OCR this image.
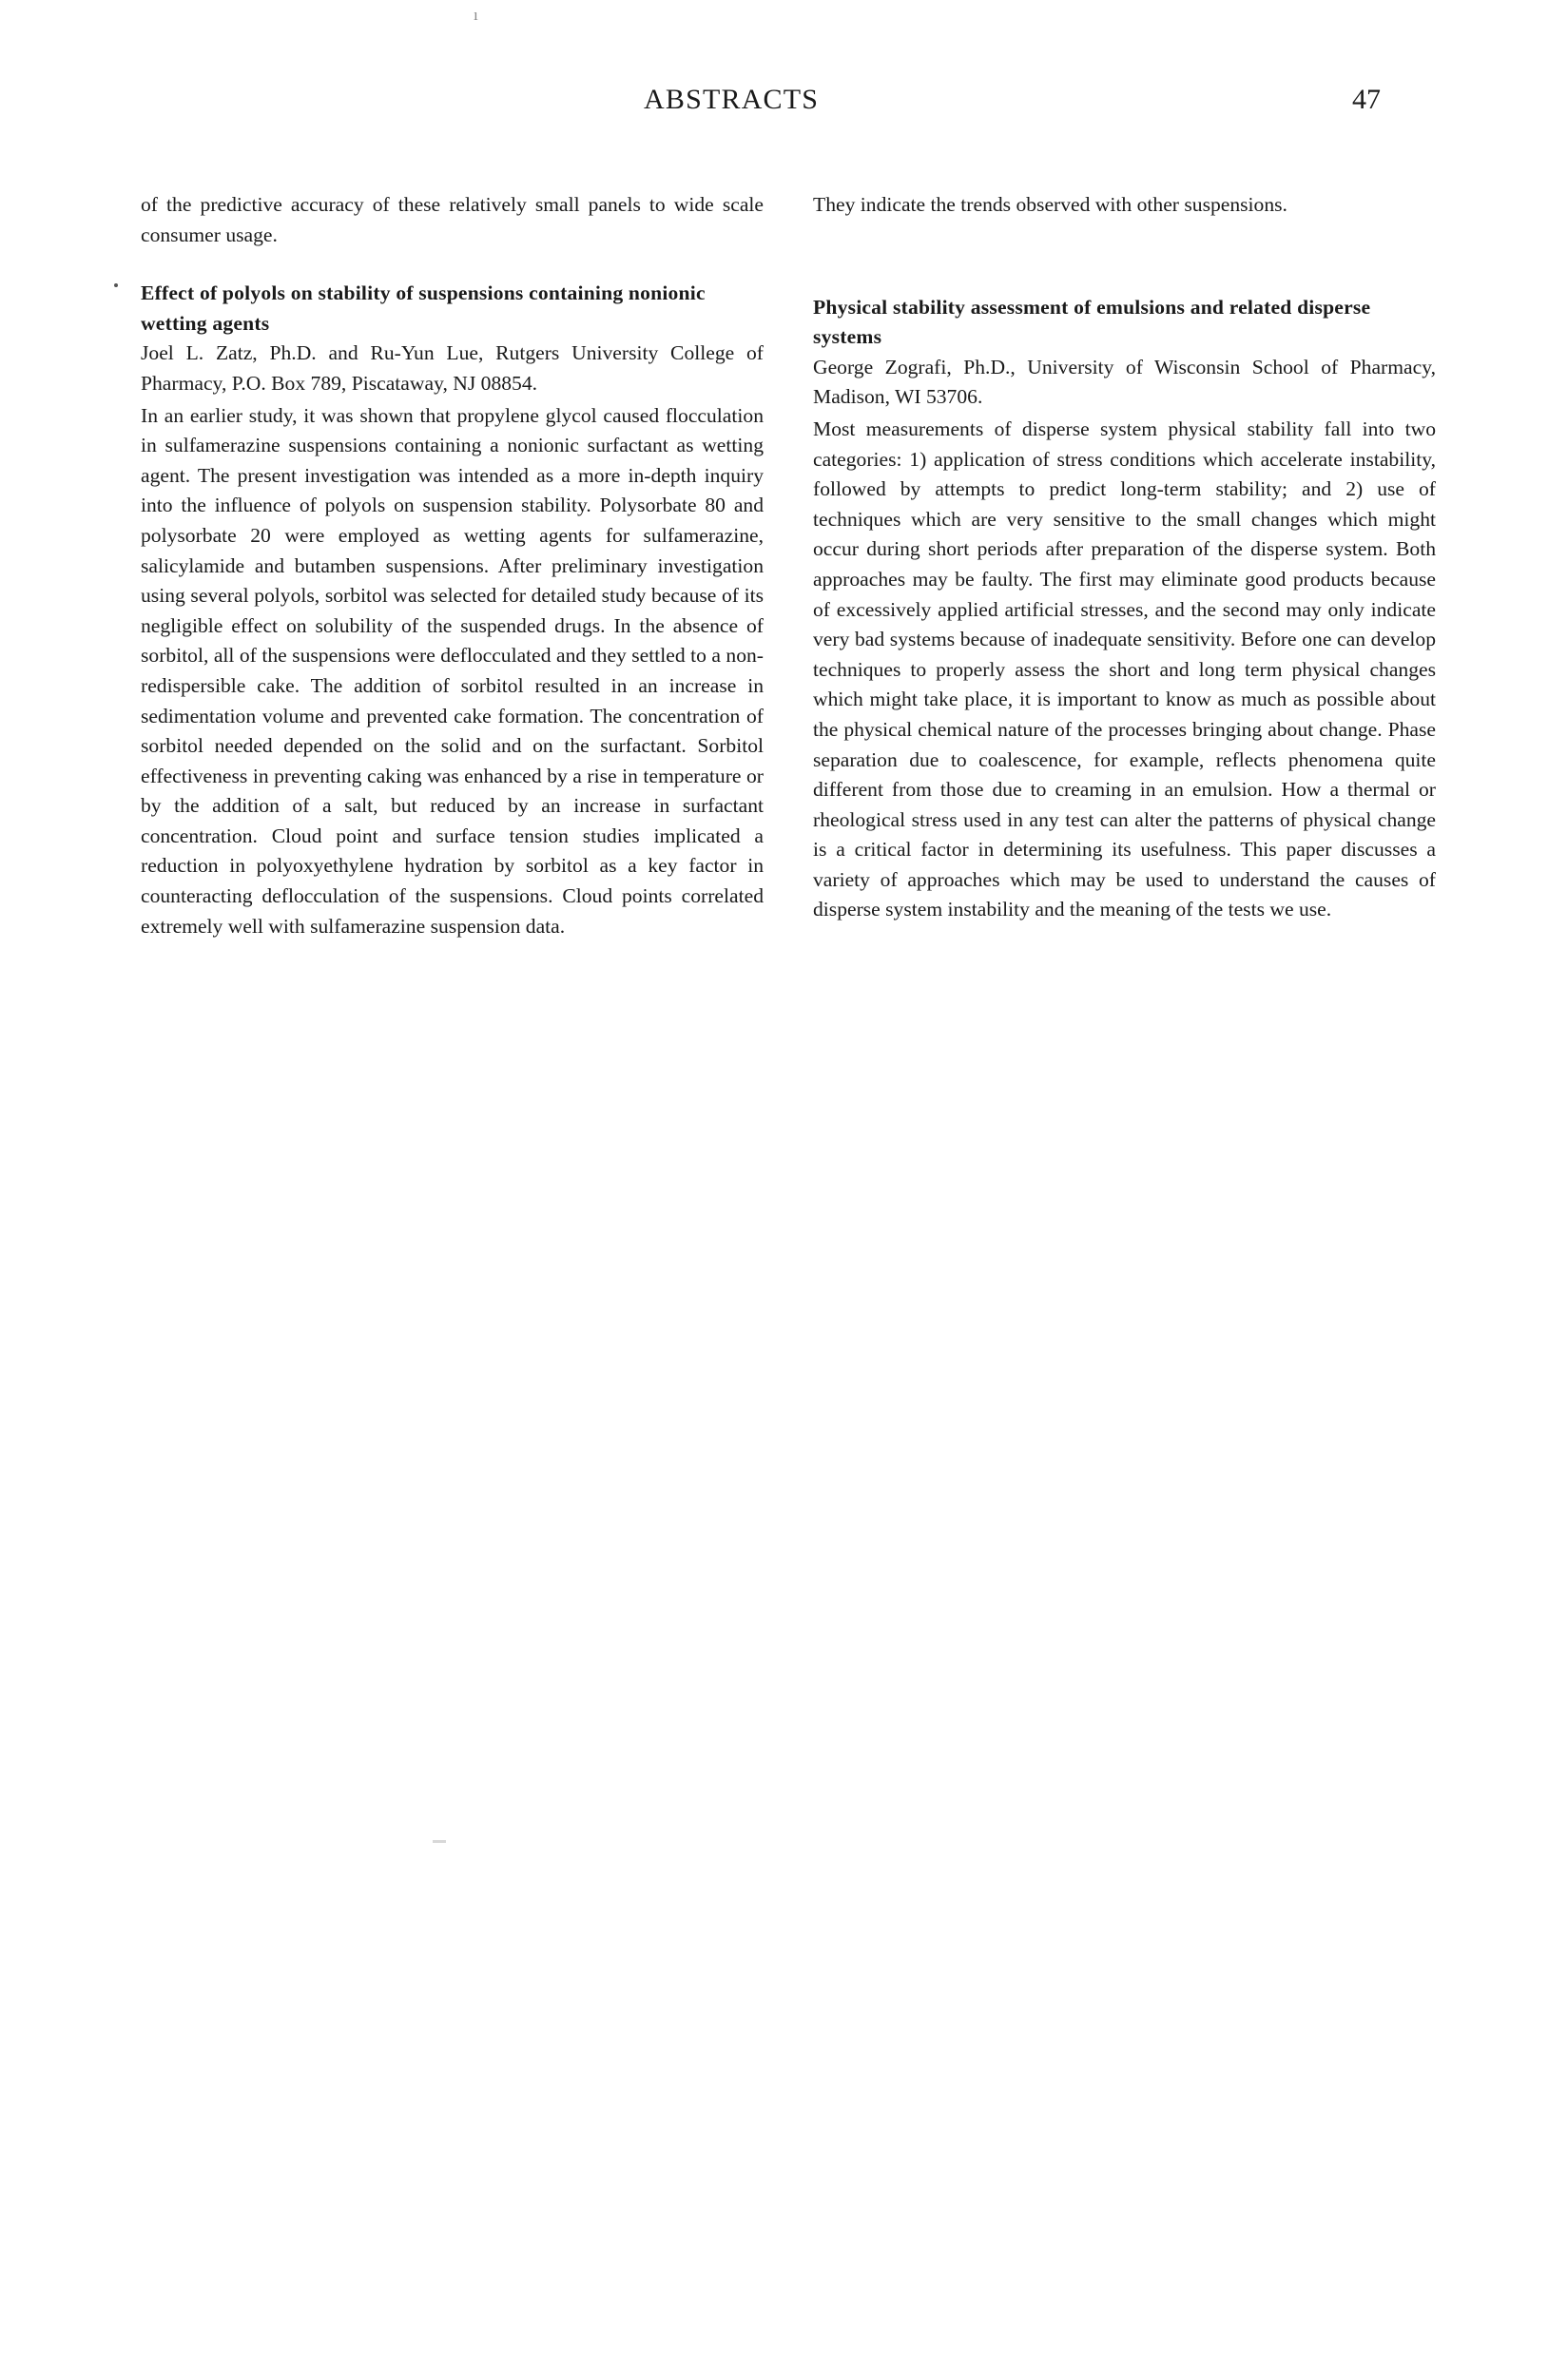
ı
ABSTRACTS	47

of the predictive accuracy of these relatively small panels to wide scale consumer usage.

Effect of polyols on stability of suspensions containing nonionic wetting agents

Joel L. Zatz, Ph.D. and Ru-Yun Lue, Rutgers University College of Pharmacy, P.O. Box 789, Piscataway, NJ 08854.

In an earlier study, it was shown that propylene glycol caused flocculation in sulfamerazine suspensions containing a nonionic surfactant as wetting agent. The present investigation was intended as a more in-depth inquiry into the influence of polyols on suspension stability. Polysorbate 80 and polysorbate 20 were employed as wetting agents for sulfamerazine, salicylamide and butamben suspensions. After preliminary investigation using several polyols, sorbitol was selected for detailed study because of its negligible effect on solubility of the suspended drugs. In the absence of sorbitol, all of the suspensions were deflocculated and they settled to a non-redispersible cake. The addition of sorbitol resulted in an increase in sedimentation volume and prevented cake formation. The concentration of sorbitol needed depended on the solid and on the surfactant. Sorbitol effectiveness in preventing caking was enhanced by a rise in temperature or by the addition of a salt, but reduced by an increase in surfactant concentration. Cloud point and surface tension studies implicated a reduction in polyoxyethylene hydration by sorbitol as a key factor in counteracting deflocculation of the suspensions. Cloud points correlated extremely well with sulfamerazine suspension data.

They indicate the trends observed with other suspensions.

Physical stability assessment of emulsions and related disperse systems

George Zografi, Ph.D., University of Wisconsin School of Pharmacy, Madison, WI 53706.

Most measurements of disperse system physical stability fall into two categories: 1) application of stress conditions which accelerate instability, followed by attempts to predict long-term stability; and 2) use of techniques which are very sensitive to the small changes which might occur during short periods after preparation of the disperse system. Both approaches may be faulty. The first may eliminate good products because of excessively applied artificial stresses, and the second may only indicate very bad systems because of inadequate sensitivity. Before one can develop techniques to properly assess the short and long term physical changes which might take place, it is important to know as much as possible about the physical chemical nature of the processes bringing about change. Phase separation due to coalescence, for example, reflects phenomena quite different from those due to creaming in an emulsion. How a thermal or rheological stress used in any test can alter the patterns of physical change is a critical factor in determining its usefulness. This paper discusses a variety of approaches which may be used to understand the causes of disperse system instability and the meaning of the tests we use.
